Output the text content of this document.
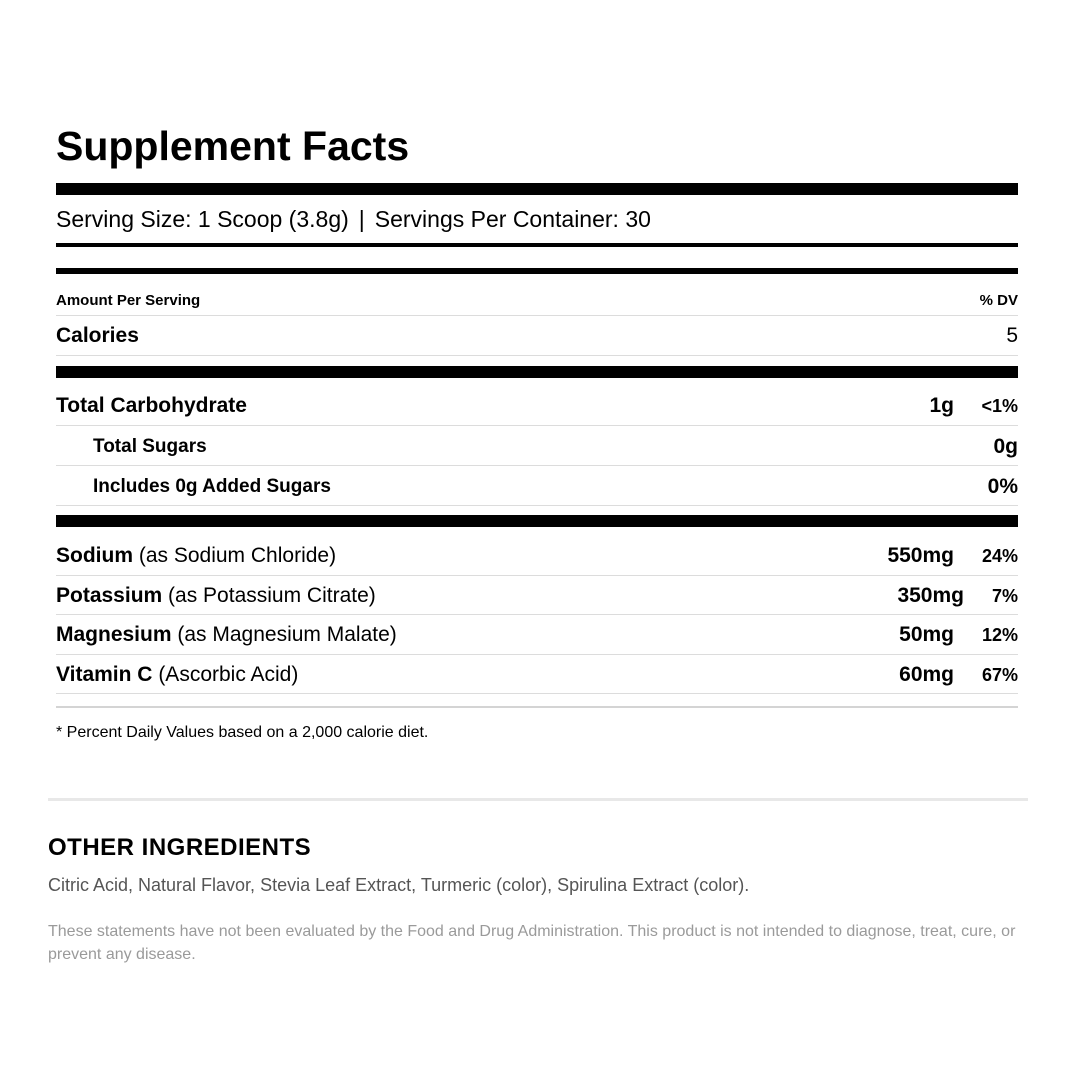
Supplement Facts
Serving Size: 1 Scoop (3.8g) | Servings Per Container: 30
Amount Per Serving	% DV
Calories	5
Total Carbohydrate	1g <1%
Total Sugars	0g
Includes 0g Added Sugars	0%
Sodium (as Sodium Chloride)	550mg 24%
Potassium (as Potassium Citrate)	350mg 7%
Magnesium (as Magnesium Malate)	50mg 12%
Vitamin C (Ascorbic Acid)	60mg 67%
* Percent Daily Values based on a 2,000 calorie diet.
OTHER INGREDIENTS
Citric Acid, Natural Flavor, Stevia Leaf Extract, Turmeric (color), Spirulina Extract (color).
These statements have not been evaluated by the Food and Drug Administration. This product is not intended to diagnose, treat, cure, or prevent any disease.
